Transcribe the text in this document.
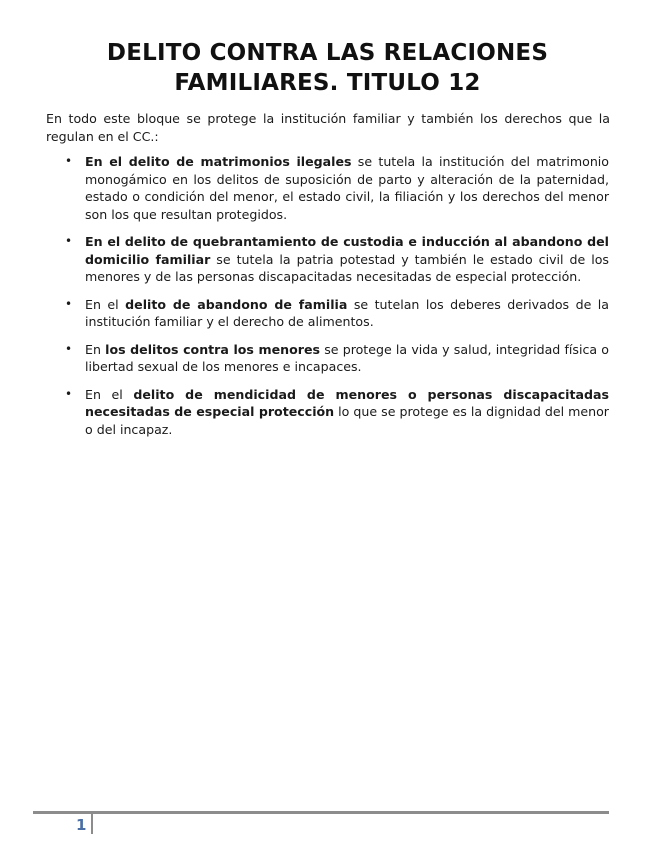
DELITO CONTRA LAS RELACIONES
FAMILIARES. TITULO 12

En todo este bloque se protege la institución familiar y también los derechos que la regulan en el CC.:

• En el delito de matrimonios ilegales se tutela la institución del matrimonio monogámico en los delitos de suposición de parto y alteración de la paternidad, estado o condición del menor, el estado civil, la filiación y los derechos del menor son los que resultan protegidos.
• En el delito de quebrantamiento de custodia e inducción al abandono del domicilio familiar se tutela la patria potestad y también le estado civil de los menores y de las personas discapacitadas necesitadas de especial protección.
• En el delito de abandono de familia se tutelan los deberes derivados de la institución familiar y el derecho de alimentos.
• En los delitos contra los menores se protege la vida y salud, integridad física o libertad sexual de los menores e incapaces.
• En el delito de mendicidad de menores o personas discapacitadas necesitadas de especial protección lo que se protege es la dignidad del menor o del incapaz.
1
